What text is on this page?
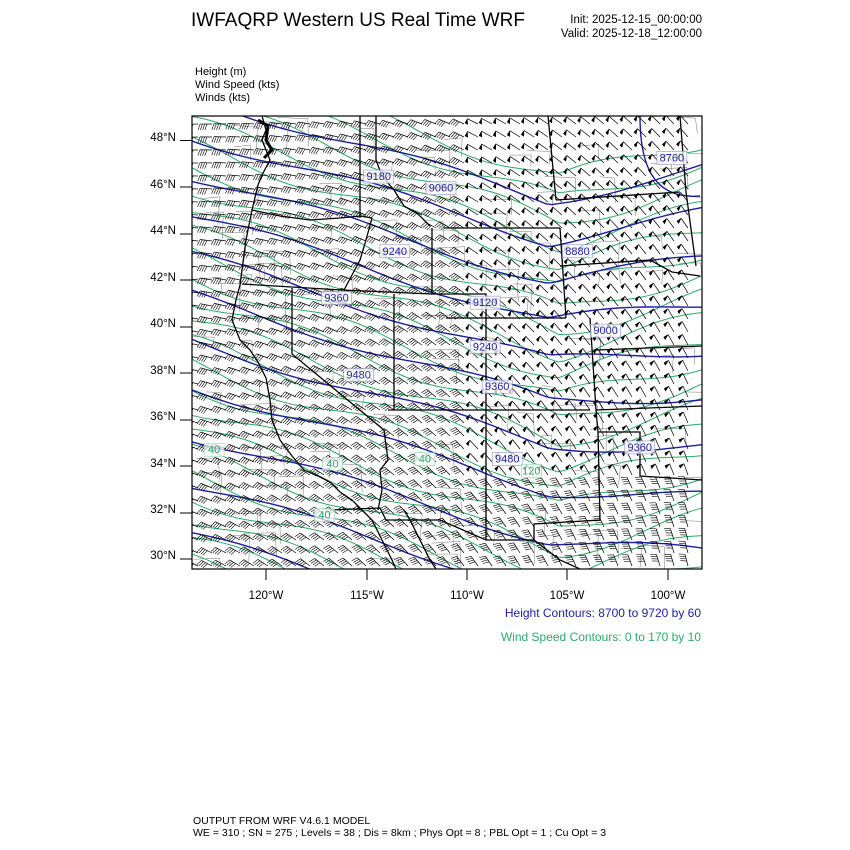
IWFAQRP Western US Real Time WRF	Init: 2025-12-15_00:00:00
Valid: 2025-12-18_12:00:00
Height (m)
Wind Speed (kts)
Winds (kts)
30°N
32°N
34°N
36°N
38°N
40°N
42°N
44°N
46°N
48°N
120°W	115°W	110°W	105°W	100°W
8760
8880
9060
9180
9240
9360	9120
9240
9000
9360
9480
9480
9360
40
40
40
120
40
Height Contours: 8700 to 9720 by 60
Wind Speed Contours: 0 to 170 by 10
OUTPUT FROM WRF V4.6.1 MODEL
WE = 310 ; SN = 275 ; Levels = 38 ; Dis = 8km ; Phys Opt = 8 ; PBL Opt = 1 ; Cu Opt = 3
